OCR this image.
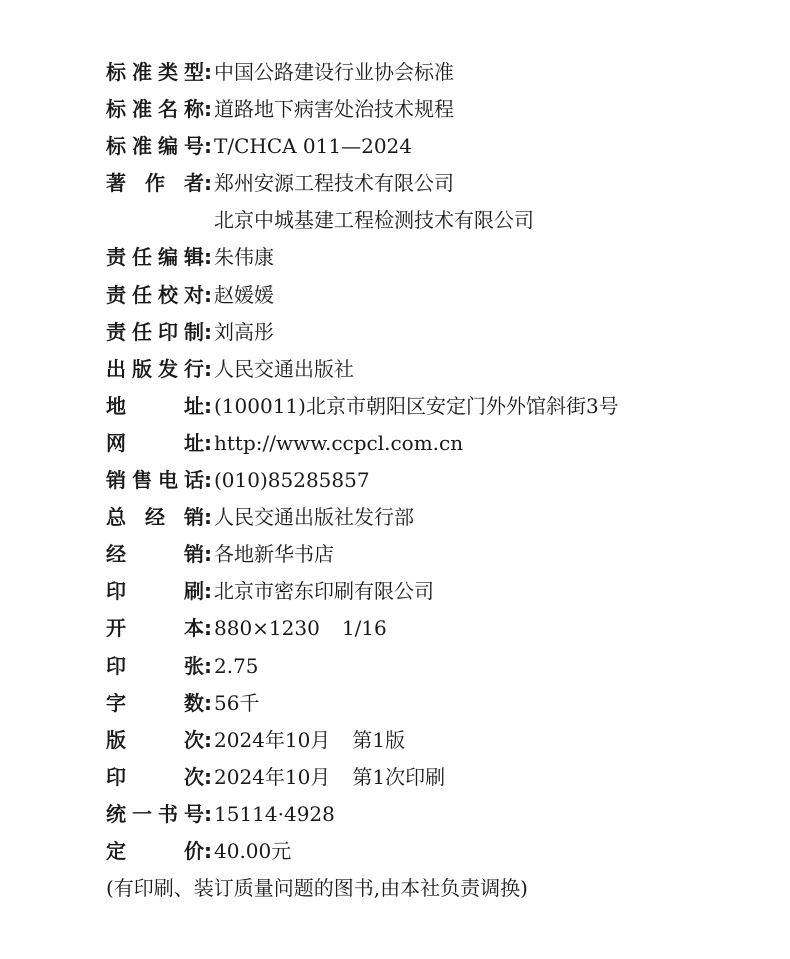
标 准 类 型 : 中国公路建设行业协会标准
标 准 名 称 : 道路地下病害处治技术规程
标 准 编 号 : T/CHCA 011—2024
著 作 者 : 郑州安源工程技术有限公司
北京中城基建工程检测技术有限公司
责 任 编 辑 : 朱伟康
责 任 校 对 : 赵媛媛
责 任 印 制 : 刘高彤
出 版 发 行 : 人民交通出版社
地	址 : (100011)北京市朝阳区安定门外外馆斜街3号
网	址 : http://www.ccpcl.com.cn
销 售 电 话 : (010)85285857
总 经 销 : 人民交通出版社发行部
经	销 : 各地新华书店
印	刷 : 北京市密东印刷有限公司
开	本 : 880×1230 1/16
印	张 : 2.75
字	数 : 56千
版	次 : 2024年10月 第1版
印	次 : 2024年10月 第1次印刷
统 一 书 号 : 15114·4928
定	价 : 40.00元
(有印刷、装订质量问题的图书,由本社负责调换)
